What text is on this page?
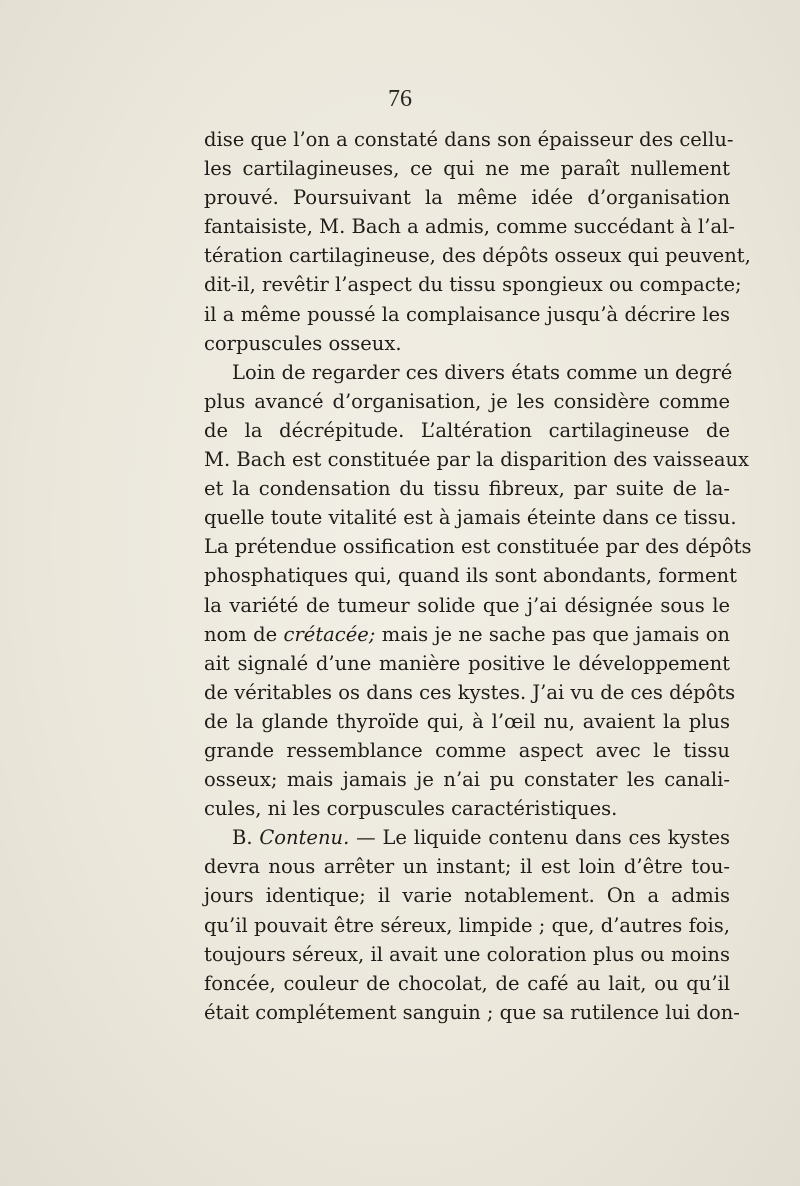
76
dise que l’on a constaté dans son épaisseur des cellu-
les cartilagineuses, ce qui ne me paraît nullement
prouvé. Poursuivant la même idée d’organisation
fantaisiste, M. Bach a admis, comme succédant à l’al-
tération cartilagineuse, des dépôts osseux qui peuvent,
dit-il, revêtir l’aspect du tissu spongieux ou compacte;
il a même poussé la complaisance jusqu’à décrire les
corpuscules osseux.
Loin de regarder ces divers états comme un degré
plus avancé d’organisation, je les considère comme
de la décrépitude. L’altération cartilagineuse de
M. Bach est constituée par la disparition des vaisseaux
et la condensation du tissu fibreux, par suite de la-
quelle toute vitalité est à jamais éteinte dans ce tissu.
La prétendue ossification est constituée par des dépôts
phosphatiques qui, quand ils sont abondants, forment
la variété de tumeur solide que j’ai désignée sous le
nom de crétacée; mais je ne sache pas que jamais on
ait signalé d’une manière positive le développement
de véritables os dans ces kystes. J’ai vu de ces dépôts
de la glande thyroïde qui, à l’œil nu, avaient la plus
grande ressemblance comme aspect avec le tissu
osseux; mais jamais je n’ai pu constater les canali-
cules, ni les corpuscules caractéristiques.
B. Contenu. — Le liquide contenu dans ces kystes
devra nous arrêter un instant; il est loin d’être tou-
jours identique; il varie notablement. On a admis
qu’il pouvait être séreux, limpide ; que, d’autres fois,
toujours séreux, il avait une coloration plus ou moins
foncée, couleur de chocolat, de café au lait, ou qu’il
était complétement sanguin ; que sa rutilence lui don-
